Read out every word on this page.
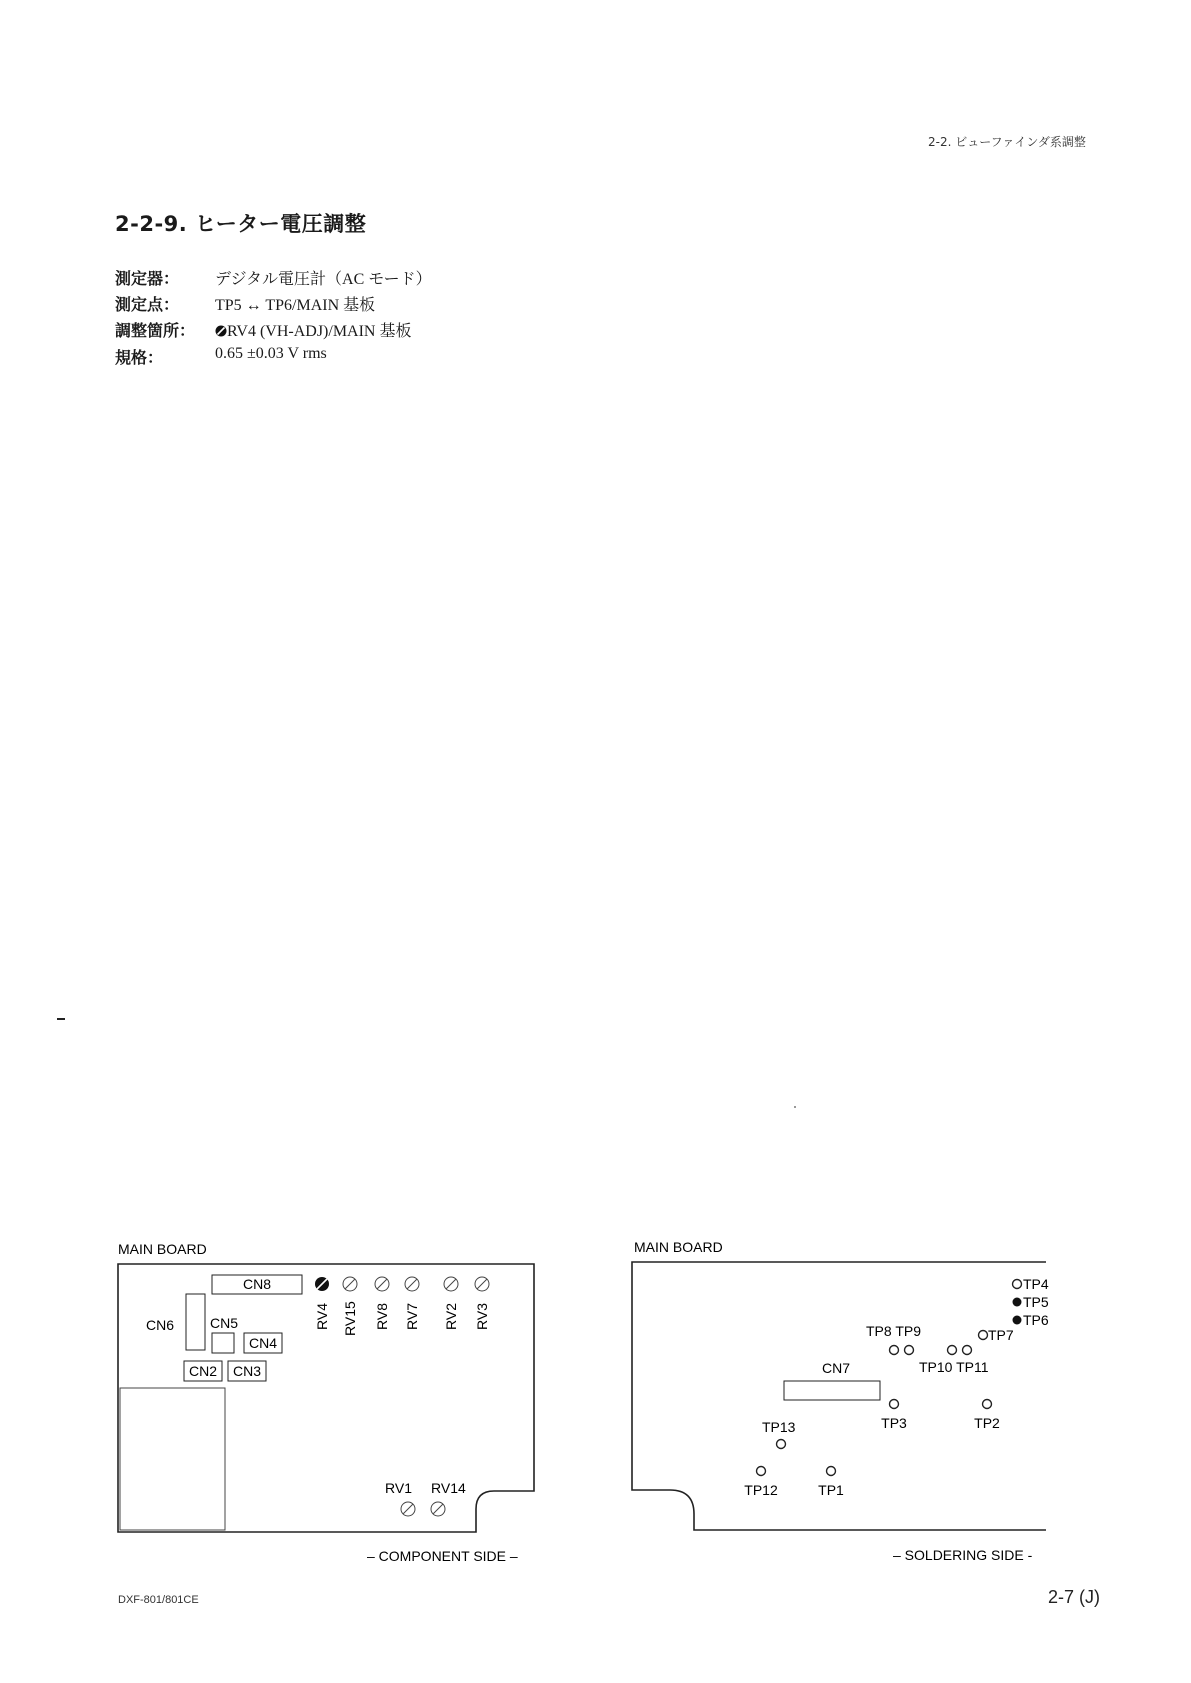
2-2. ビューファインダ系調整
2-2-9. ヒーター電圧調整
測定器： デジタル電圧計（AC モード）
測定点： TP5 ↔ TP6/MAIN 基板
調整箇所：	RV4 (VH-ADJ)/MAIN 基板
規格：	0.65 ±0.03 V rms
MAIN BOARD
CN8
CN6	CN5
CN4
CN2 CN3
RV4 RV15 RV8 RV7 RV2 RV3
RV1 RV14
– COMPONENT SIDE –
MAIN BOARD
CN7
TP4
TP5
TP6
TP7
TP8 TP9
TP10 TP11
TP3	TP2
TP13
TP12	TP1
– SOLDERING SIDE -
DXF-801/801CE	2-7 (J)
